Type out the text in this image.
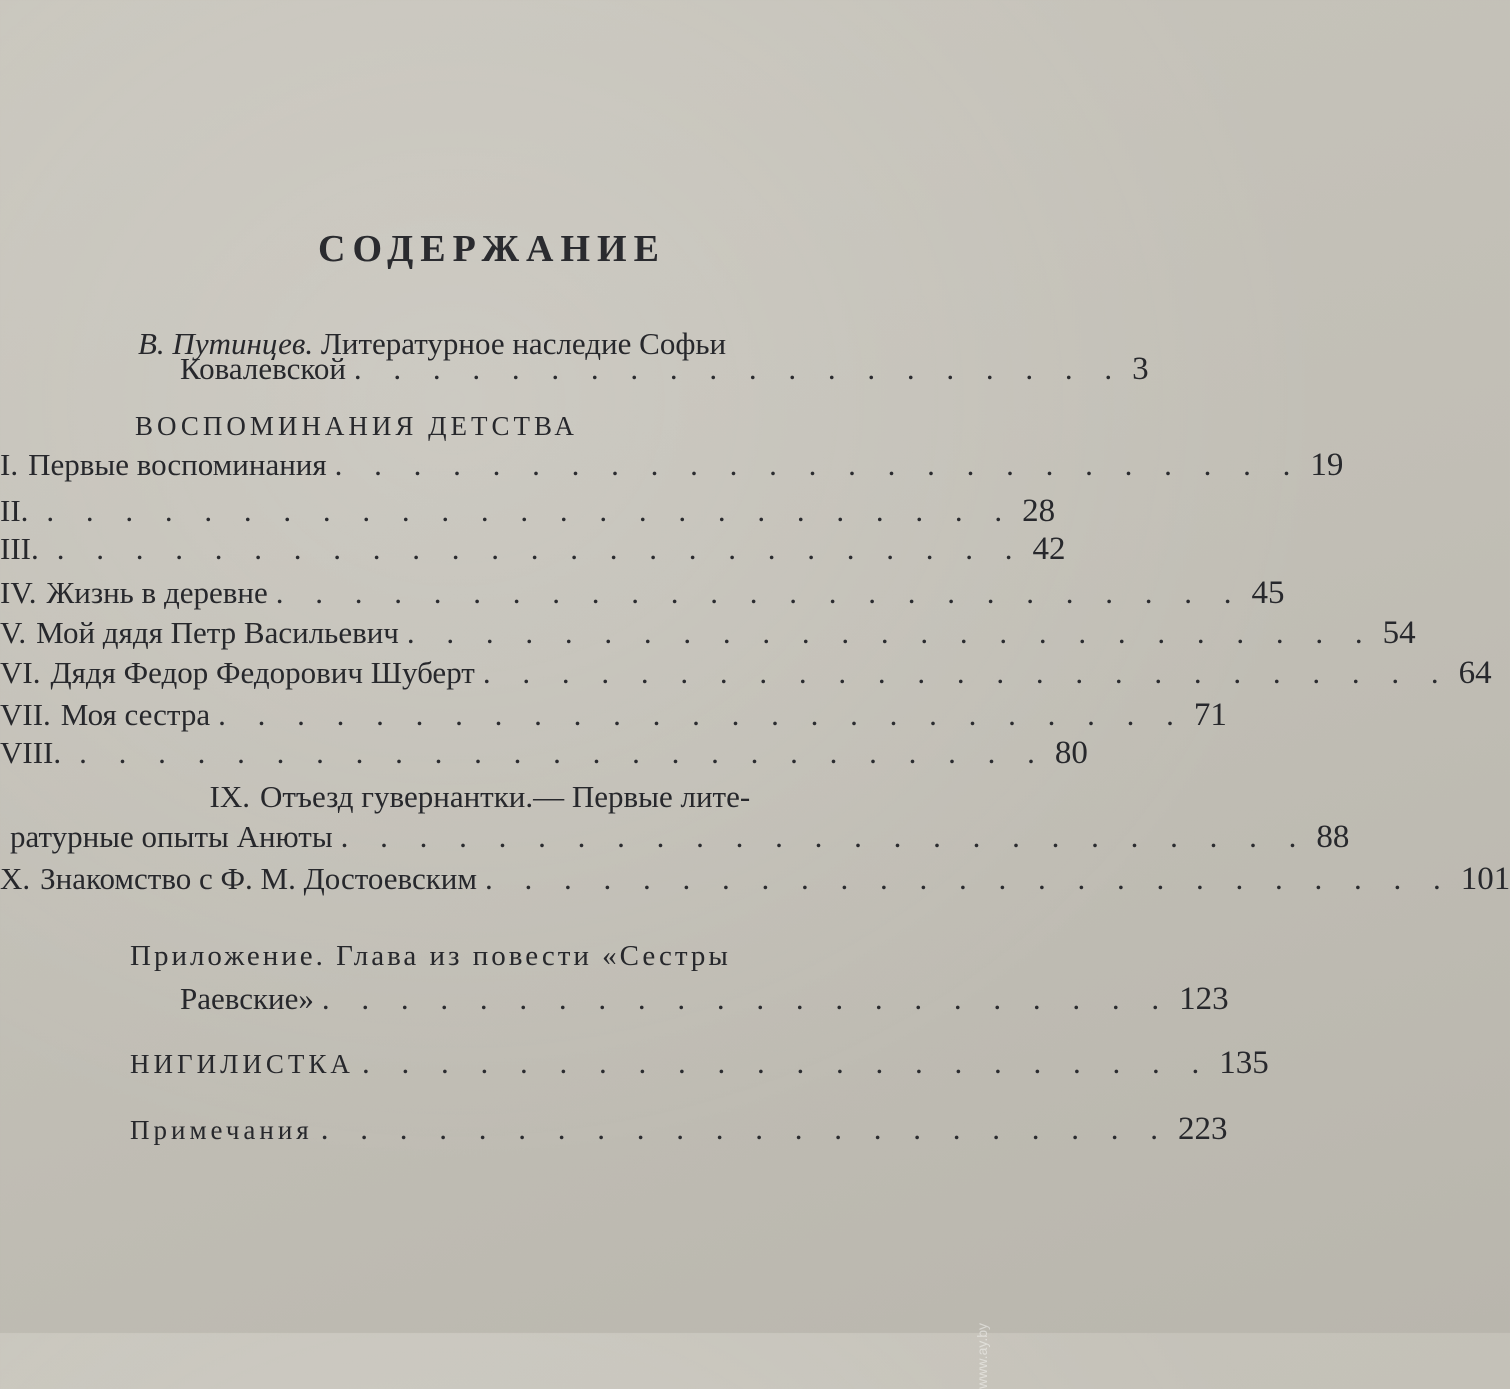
СОДЕРЖАНИЕ
В. Путинцев. Литературное наследие Софьи
Ковалевской . . . . . . . . . . . . . . . . . . . . 3
ВОСПОМИНАНИЯ ДЕТСТВА
I. Первые воспоминания . . . . . . . . . . . . . . . . . . . . . . . . . 19
II. . . . . . . . . . . . . . . . . . . . . . . . . . 28
III. . . . . . . . . . . . . . . . . . . . . . . . . . 42
IV. Жизнь в деревне . . . . . . . . . . . . . . . . . . . . . . . . . 45
V. Мой дядя Петр Васильевич . . . . . . . . . . . . . . . . . . . . . . . . . 54
VI. Дядя Федор Федорович Шуберт . . . . . . . . . . . . . . . . . . . . . . . . . 64
VII. Моя сестра . . . . . . . . . . . . . . . . . . . . . . . . . 71
VIII. . . . . . . . . . . . . . . . . . . . . . . . . . 80
IX. Отъезд гувернантки.— Первые лите-
ратурные опыты Анюты . . . . . . . . . . . . . . . . . . . . . . . . . 88
X. Знакомство с Ф. М. Достоевским . . . . . . . . . . . . . . . . . . . . . . . . . 101
Приложение. Глава из повести «Сестры
Раевские» . . . . . . . . . . . . . . . . . . . . . . 123
НИГИЛИСТКА . . . . . . . . . . . . . . . . . . . . . . 135
Примечания . . . . . . . . . . . . . . . . . . . . . . 223
www.ay.by
